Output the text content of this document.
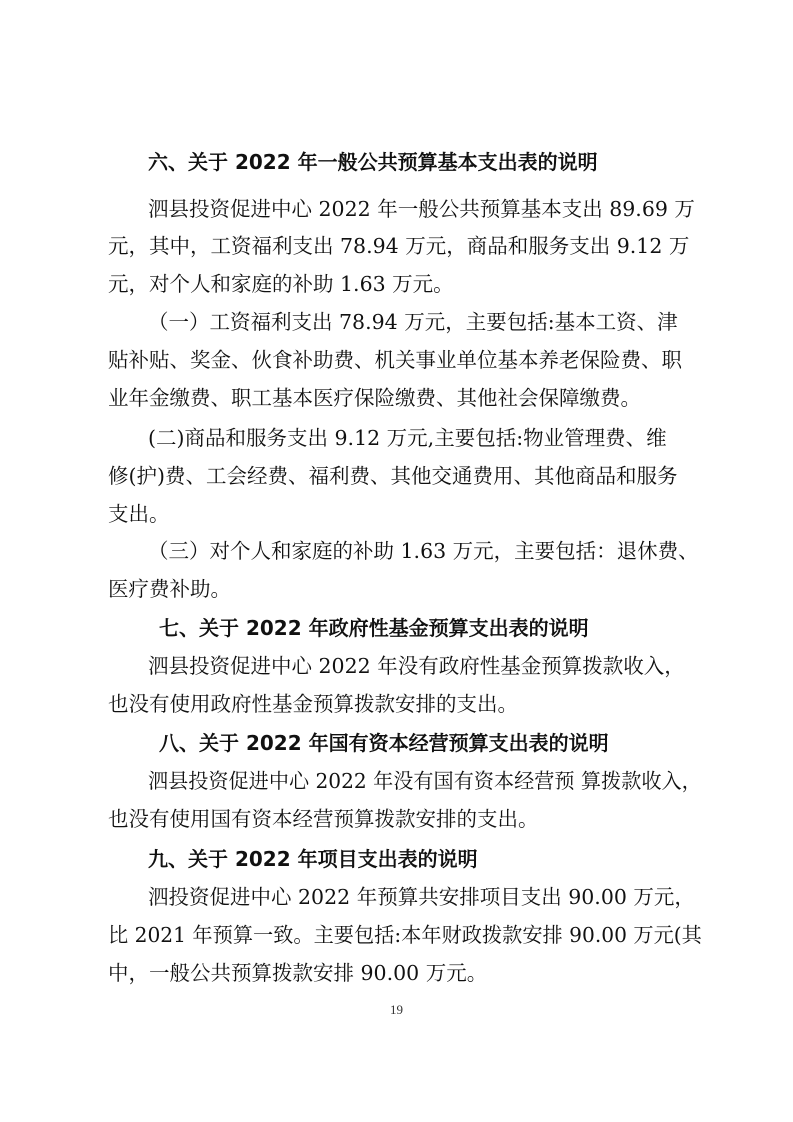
六、关于 2022 年一般公共预算基本支出表的说明
泗县投资促进中心 2022 年一般公共预算基本支出 89.69 万
元，其中，工资福利支出 78.94 万元，商品和服务支出 9.12 万
元，对个人和家庭的补助 1.63 万元。
（一）工资福利支出 78.94 万元，主要包括:基本工资、津
贴补贴、奖金、伙食补助费、机关事业单位基本养老保险费、职
业年金缴费、职工基本医疗保险缴费、其他社会保障缴费。
(二)商品和服务支出 9.12 万元,主要包括:物业管理费、维
修(护)费、工会经费、福利费、其他交通费用、其他商品和服务
支出。
（三）对个人和家庭的补助 1.63 万元，主要包括：退休费、
医疗费补助。
七、关于 2022 年政府性基金预算支出表的说明
泗县投资促进中心 2022 年没有政府性基金预算拨款收入，
也没有使用政府性基金预算拨款安排的支出。
八、关于 2022 年国有资本经营预算支出表的说明
泗县投资促进中心 2022 年没有国有资本经营预 算拨款收入，
也没有使用国有资本经营预算拨款安排的支出。
九、关于 2022 年项目支出表的说明
泗投资促进中心 2022 年预算共安排项目支出 90.00 万元，
比 2021 年预算一致。主要包括:本年财政拨款安排 90.00 万元(其
中，一般公共预算拨款安排 90.00 万元。
19
